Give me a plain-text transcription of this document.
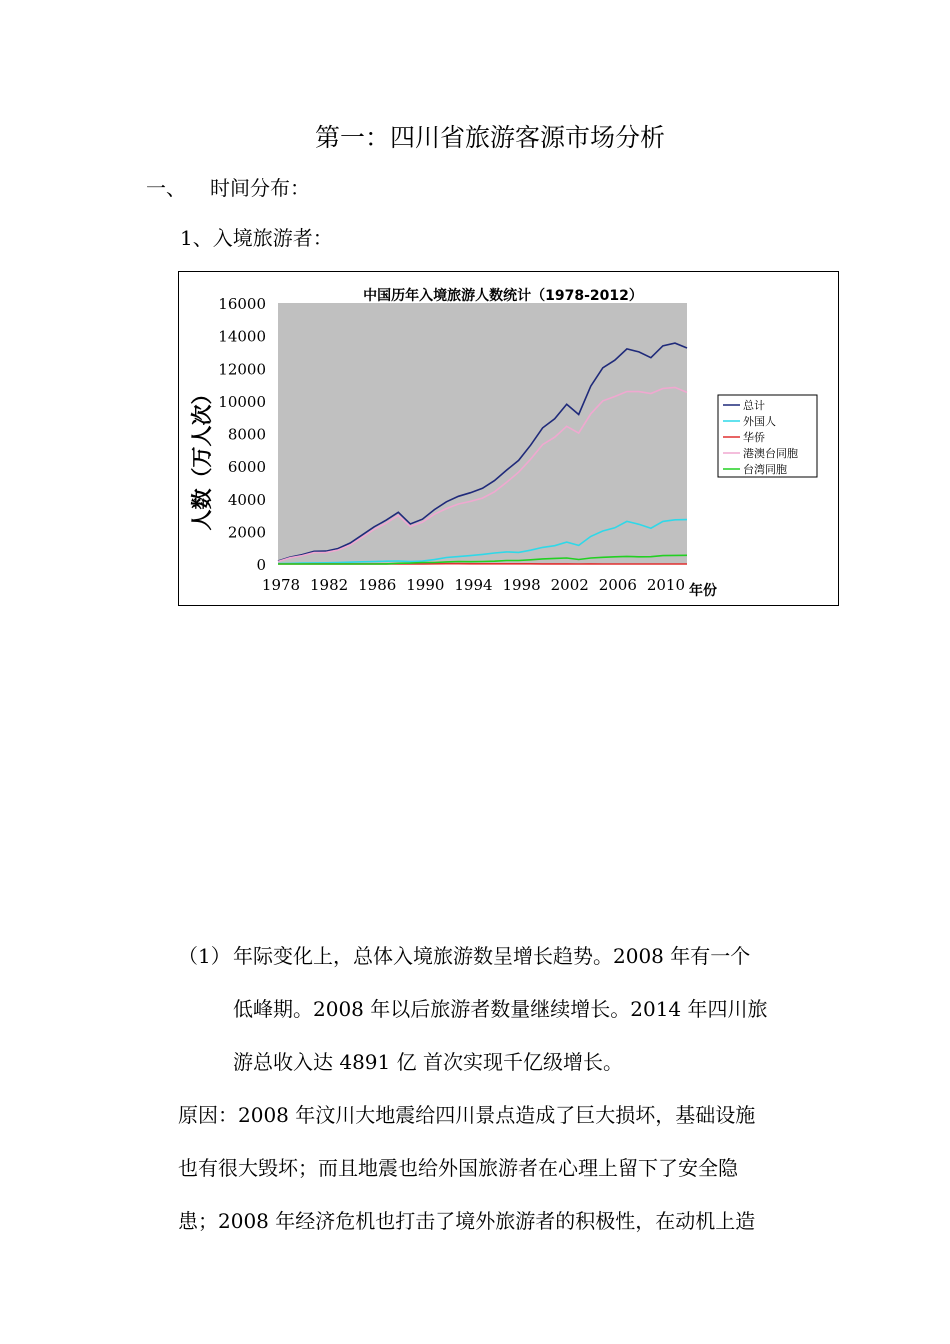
第一：四川省旅游客源市场分析
一、 时间分布：
1、入境旅游者：
0
2000
4000
6000
8000
10000
12000
14000
16000
1978 1982 1986 1990 1994 1998 2002 2006 2010
总计
外国人
华侨
港澳台同胞
台湾同胞
中国历年入境旅游人数统计（1978-2012）
人数（万人次）
年份
（1） 年际变化上，总体入境旅游数呈增长趋势。2008 年有一个
低峰期。2008 年以后旅游者数量继续增长。2014 年四川旅
游总收入达 4891 亿 首次实现千亿级增长。
原因：2008 年汶川大地震给四川景点造成了巨大损坏，基础设施
也有很大毁坏；而且地震也给外国旅游者在心理上留下了安全隐
患；2008 年经济危机也打击了境外旅游者的积极性，在动机上造
